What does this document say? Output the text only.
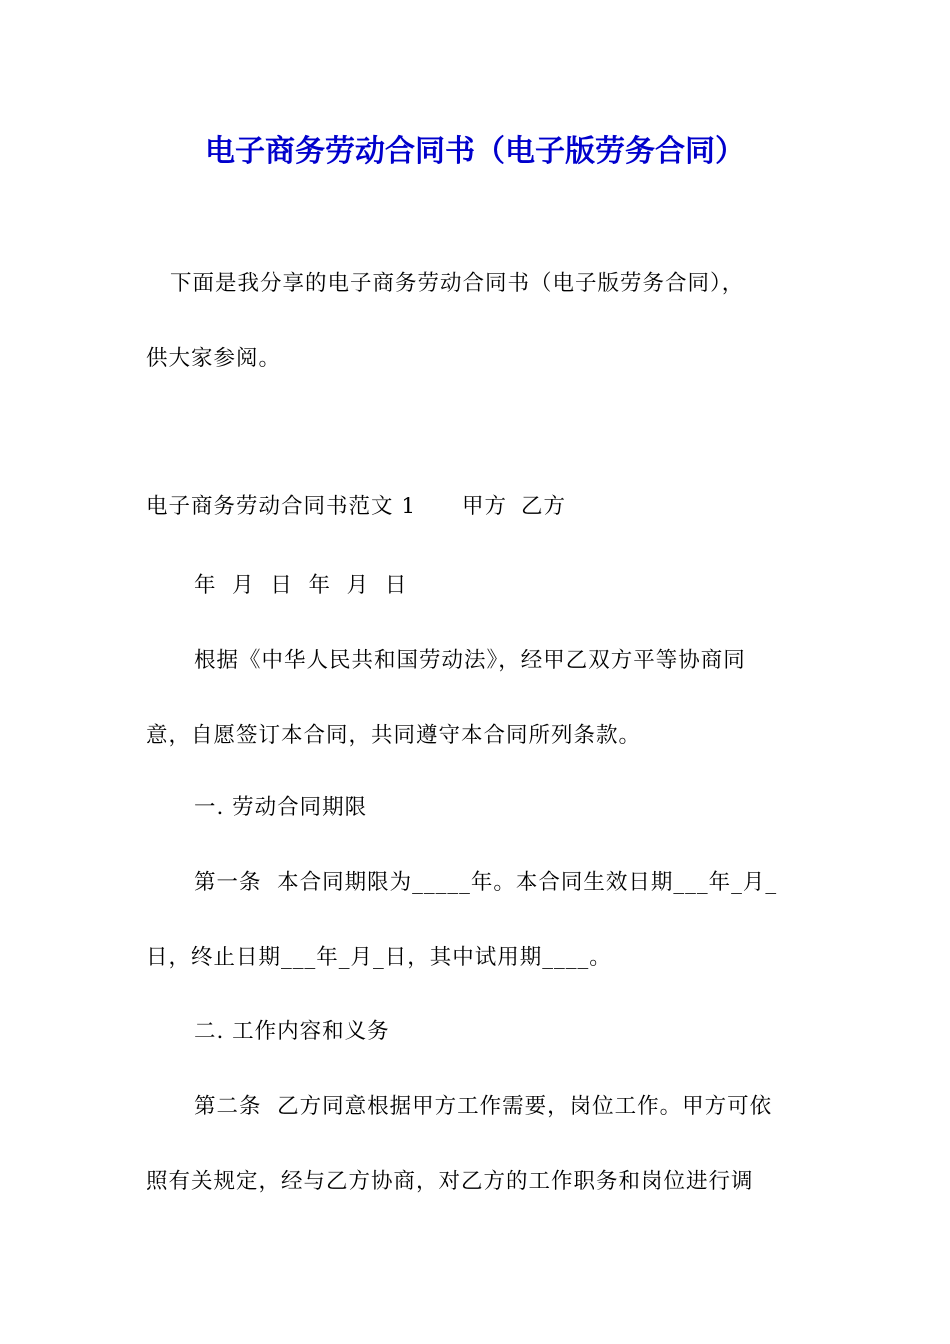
电子商务劳动合同书（电子版劳务合同）
下面是我分享的电子商务劳动合同书（电子版劳务合同），
供大家参阅。
电子商务劳动合同书范文 1 甲方 乙方
年  月  日  年  月  日
根据《中华人民共和国劳动法》，经甲乙双方平等协商同
意，自愿签订本合同，共同遵守本合同所列条款。
一. 劳动合同期限
第一条  本合同期限为_____年。本合同生效日期___年_月_
日，终止日期___年_月_日，其中试用期____。
二. 工作内容和义务
第二条  乙方同意根据甲方工作需要，岗位工作。甲方可依
照有关规定，经与乙方协商，对乙方的工作职务和岗位进行调
